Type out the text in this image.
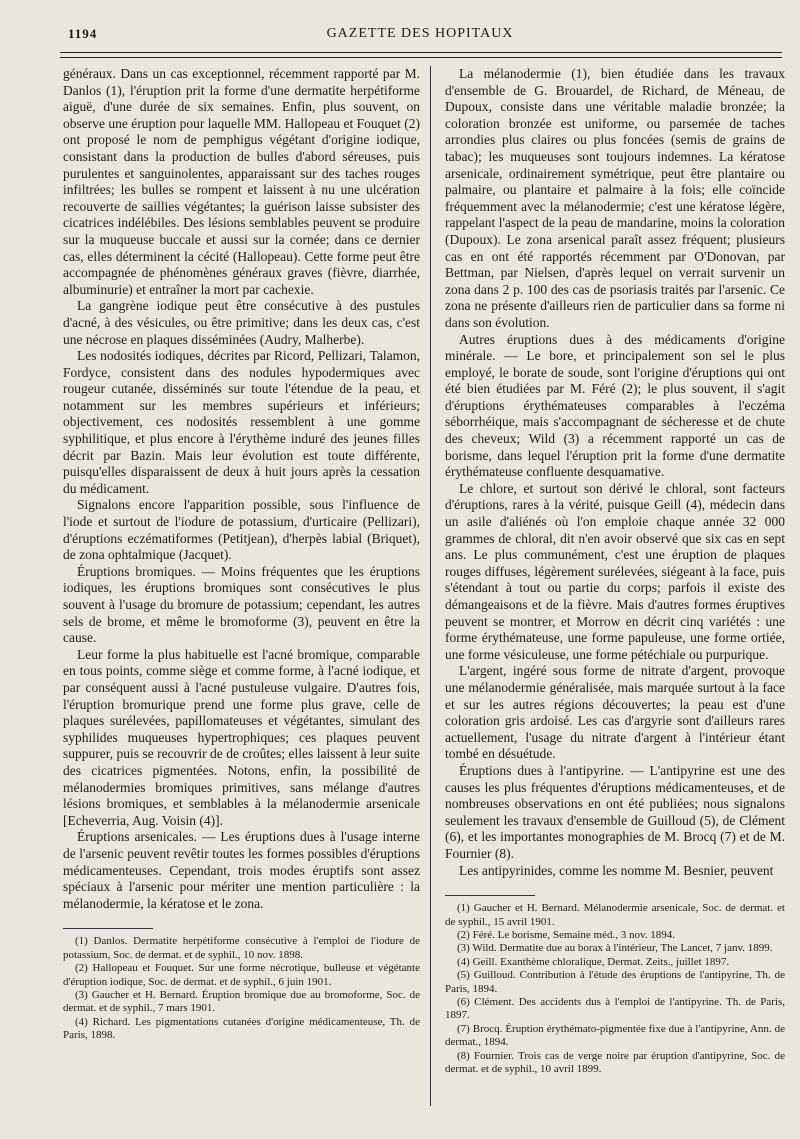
1194	GAZETTE DES HOPITAUX

généraux. Dans un cas exceptionnel, récemment rapporté par M. Danlos (1), l'éruption prit la forme d'une dermatite herpétiforme aiguë, d'une durée de six semaines. Enfin, plus souvent, on observe une éruption pour laquelle MM. Hallopeau et Fouquet (2) ont proposé le nom de pemphigus végétant d'origine iodique, consistant dans la production de bulles d'abord séreuses, puis purulentes et sanguinolentes, apparaissant sur des taches rouges infiltrées; les bulles se rompent et laissent à nu une ulcération recouverte de saillies végétantes; la guérison laisse subsister des cicatrices indélébiles. Des lésions semblables peuvent se produire sur la muqueuse buccale et aussi sur la cornée; dans ce dernier cas, elles déterminent la cécité (Hallopeau). Cette forme peut être accompagnée de phénomènes généraux graves (fièvre, diarrhée, albuminurie) et entraîner la mort par cachexie.

La gangrène iodique peut être consécutive à des pustules d'acné, à des vésicules, ou être primitive; dans les deux cas, c'est une nécrose en plaques disséminées (Audry, Malherbe).

Les nodosités iodiques, décrites par Ricord, Pellizari, Talamon, Fordyce, consistent dans des nodules hypodermiques avec rougeur cutanée, disséminés sur toute l'étendue de la peau, et notamment sur les membres supérieurs et inférieurs; objectivement, ces nodosités ressemblent à une gomme syphilitique, et plus encore à l'érythème induré des jeunes filles décrit par Bazin. Mais leur évolution est toute différente, puisqu'elles disparaissent de deux à huit jours après la cessation du médicament.

Signalons encore l'apparition possible, sous l'influence de l'iode et surtout de l'iodure de potassium, d'urticaire (Pellizari), d'éruptions eczématiformes (Petitjean), d'herpès labial (Briquet), de zona ophtalmique (Jacquet).

Éruptions bromiques. — Moins fréquentes que les éruptions iodiques, les éruptions bromiques sont consécutives le plus souvent à l'usage du bromure de potassium; cependant, les autres sels de brome, et même le bromoforme (3), peuvent en être la cause.

Leur forme la plus habituelle est l'acné bromique, comparable en tous points, comme siège et comme forme, à l'acné iodique, et par conséquent aussi à l'acné pustuleuse vulgaire. D'autres fois, l'éruption bromurique prend une forme plus grave, celle de plaques surélevées, papillomateuses et végétantes, simulant des syphilides muqueuses hypertrophiques; ces plaques peuvent suppurer, puis se recouvrir de de croûtes; elles laissent à leur suite des cicatrices pigmentées. Notons, enfin, la possibilité de mélanodermies bromiques primitives, sans mélange d'autres lésions bromiques, et semblables à la mélanodermie arsenicale [Echeverria, Aug. Voisin (4)].

Éruptions arsenicales. — Les éruptions dues à l'usage interne de l'arsenic peuvent revêtir toutes les formes possibles d'éruptions médicamenteuses. Cependant, trois modes éruptifs sont assez spéciaux à l'arsenic pour mériter une mention particulière : la mélanodermie, la kératose et le zona.

(1) Danlos. Dermatite herpétiforme consécutive à l'emploi de l'iodure de potassium, Soc. de dermat. et de syphil., 10 nov. 1898.

(2) Hallopeau et Fouquet. Sur une forme nécrotique, bulleuse et végétante d'éruption iodique, Soc. de dermat. et de syphil., 6 juin 1901.

(3) Gaucher et H. Bernard. Éruption bromique due au bromoforme, Soc. de dermat. et de syphil., 7 mars 1901.

(4) Richard. Les pigmentations cutanées d'origine médicamenteuse, Th. de Paris, 1898.

La mélanodermie (1), bien étudiée dans les travaux d'ensemble de G. Brouardel, de Richard, de Méneau, de Dupoux, consiste dans une véritable maladie bronzée; la coloration bronzée est uniforme, ou parsemée de taches arrondies plus claires ou plus foncées (semis de grains de tabac); les muqueuses sont toujours indemnes. La kératose arsenicale, ordinairement symétrique, peut être plantaire ou palmaire, ou plantaire et palmaire à la fois; elle coïncide fréquemment avec la mélanodermie; c'est une kératose légère, rappelant l'aspect de la peau de mandarine, moins la coloration (Dupoux). Le zona arsenical paraît assez fréquent; plusieurs cas en ont été rapportés récemment par O'Donovan, par Bettman, par Nielsen, d'après lequel on verrait survenir un zona dans 2 p. 100 des cas de psoriasis traités par l'arsenic. Ce zona ne présente d'ailleurs rien de particulier dans sa forme ni dans son évolution.

Autres éruptions dues à des médicaments d'origine minérale. — Le bore, et principalement son sel le plus employé, le borate de soude, sont l'origine d'éruptions qui ont été bien étudiées par M. Féré (2); le plus souvent, il s'agit d'éruptions érythémateuses comparables à l'eczéma séborrhéique, mais s'accompagnant de sécheresse et de chute des cheveux; Wild (3) a récemment rapporté un cas de borisme, dans lequel l'éruption prit la forme d'une dermatite érythémateuse confluente desquamative.

Le chlore, et surtout son dérivé le chloral, sont facteurs d'éruptions, rares à la vérité, puisque Geill (4), médecin dans un asile d'aliénés où l'on emploie chaque année 32 000 grammes de chloral, dit n'en avoir observé que six cas en sept ans. Le plus communément, c'est une éruption de plaques rouges diffuses, légèrement surélevées, siégeant à la face, puis s'étendant à tout ou partie du corps; parfois il existe des démangeaisons et de la fièvre. Mais d'autres formes éruptives peuvent se montrer, et Morrow en décrit cinq variétés : une forme érythémateuse, une forme papuleuse, une forme ortiée, une forme vésiculeuse, une forme pétéchiale ou purpurique.

L'argent, ingéré sous forme de nitrate d'argent, provoque une mélanodermie généralisée, mais marquée surtout à la face et sur les autres régions découvertes; la peau est d'une coloration gris ardoisé. Les cas d'argyrie sont d'ailleurs rares actuellement, l'usage du nitrate d'argent à l'intérieur étant tombé en désuétude.

Éruptions dues à l'antipyrine. — L'antipyrine est une des causes les plus fréquentes d'éruptions médicamenteuses, et de nombreuses observations en ont été publiées; nous signalons seulement les travaux d'ensemble de Guilloud (5), de Clément (6), et les importantes monographies de M. Brocq (7) et de M. Fournier (8).

Les antipyrinides, comme les nomme M. Besnier, peuvent

(1) Gaucher et H. Bernard. Mélanodermie arsenicale, Soc. de dermat. et de syphil., 15 avril 1901.

(2) Féré. Le borisme, Semaine méd., 3 nov. 1894.

(3) Wild. Dermatite due au borax à l'intérieur, The Lancet, 7 janv. 1899.

(4) Geill. Exanthème chloralique, Dermat. Zeits., juillet 1897.

(5) Guilloud. Contribution à l'étude des éruptions de l'antipyrine, Th. de Paris, 1894.

(6) Clément. Des accidents dus à l'emploi de l'antipyrine. Th. de Paris, 1897.

(7) Brocq. Éruption érythémato-pigmentée fixe due à l'antipyrine, Ann. de dermat., 1894.

(8) Fournier. Trois cas de verge noire par éruption d'antipyrine, Soc. de dermat. et de syphil., 10 avril 1899.
